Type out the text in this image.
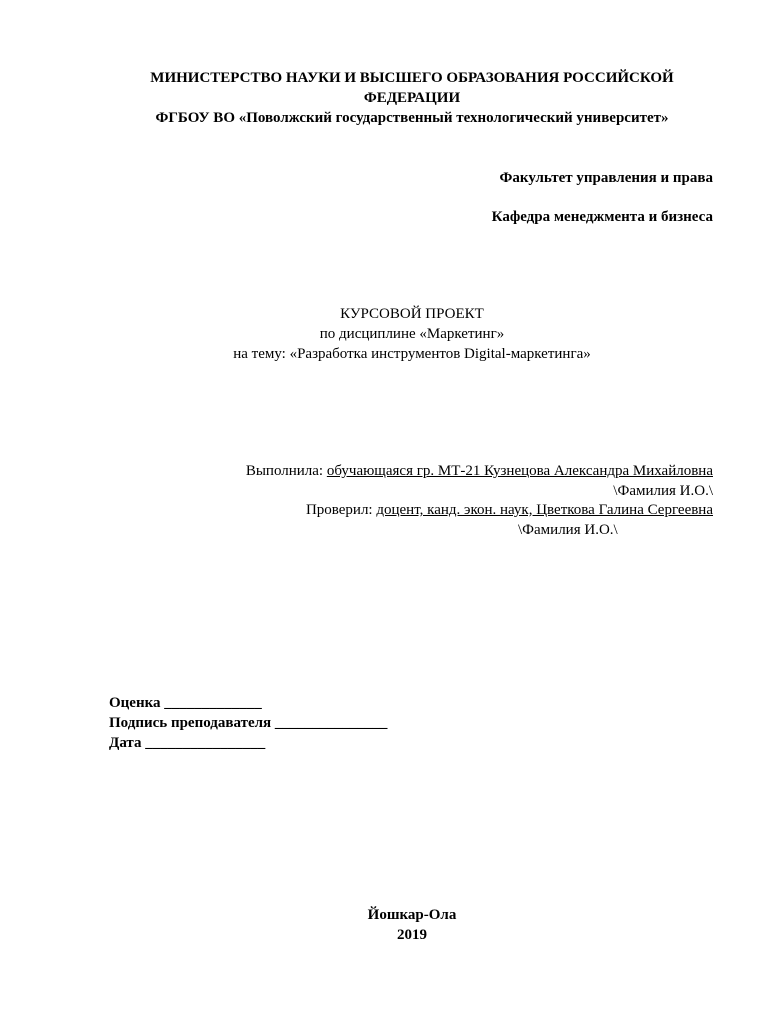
МИНИСТЕРСТВО НАУКИ И ВЫСШЕГО ОБРАЗОВАНИЯ РОССИЙСКОЙ
ФЕДЕРАЦИИ
ФГБОУ ВО «Поволжский государственный технологический университет»
Факультет управления и права
Кафедра менеджмента и бизнеса
КУРСОВОЙ ПРОЕКТ
по дисциплине «Маркетинг»
на тему: «Разработка инструментов Digital-маркетинга»
Выполнила: обучающаяся гр. МТ-21 Кузнецова Александра Михайловна
\Фамилия И.О.\
Проверил: доцент, канд. экон. наук, Цветкова Галина Сергеевна
\Фамилия И.О.\
Оценка _____________
Подпись преподавателя _______________
Дата ________________
Йошкар-Ола
2019
